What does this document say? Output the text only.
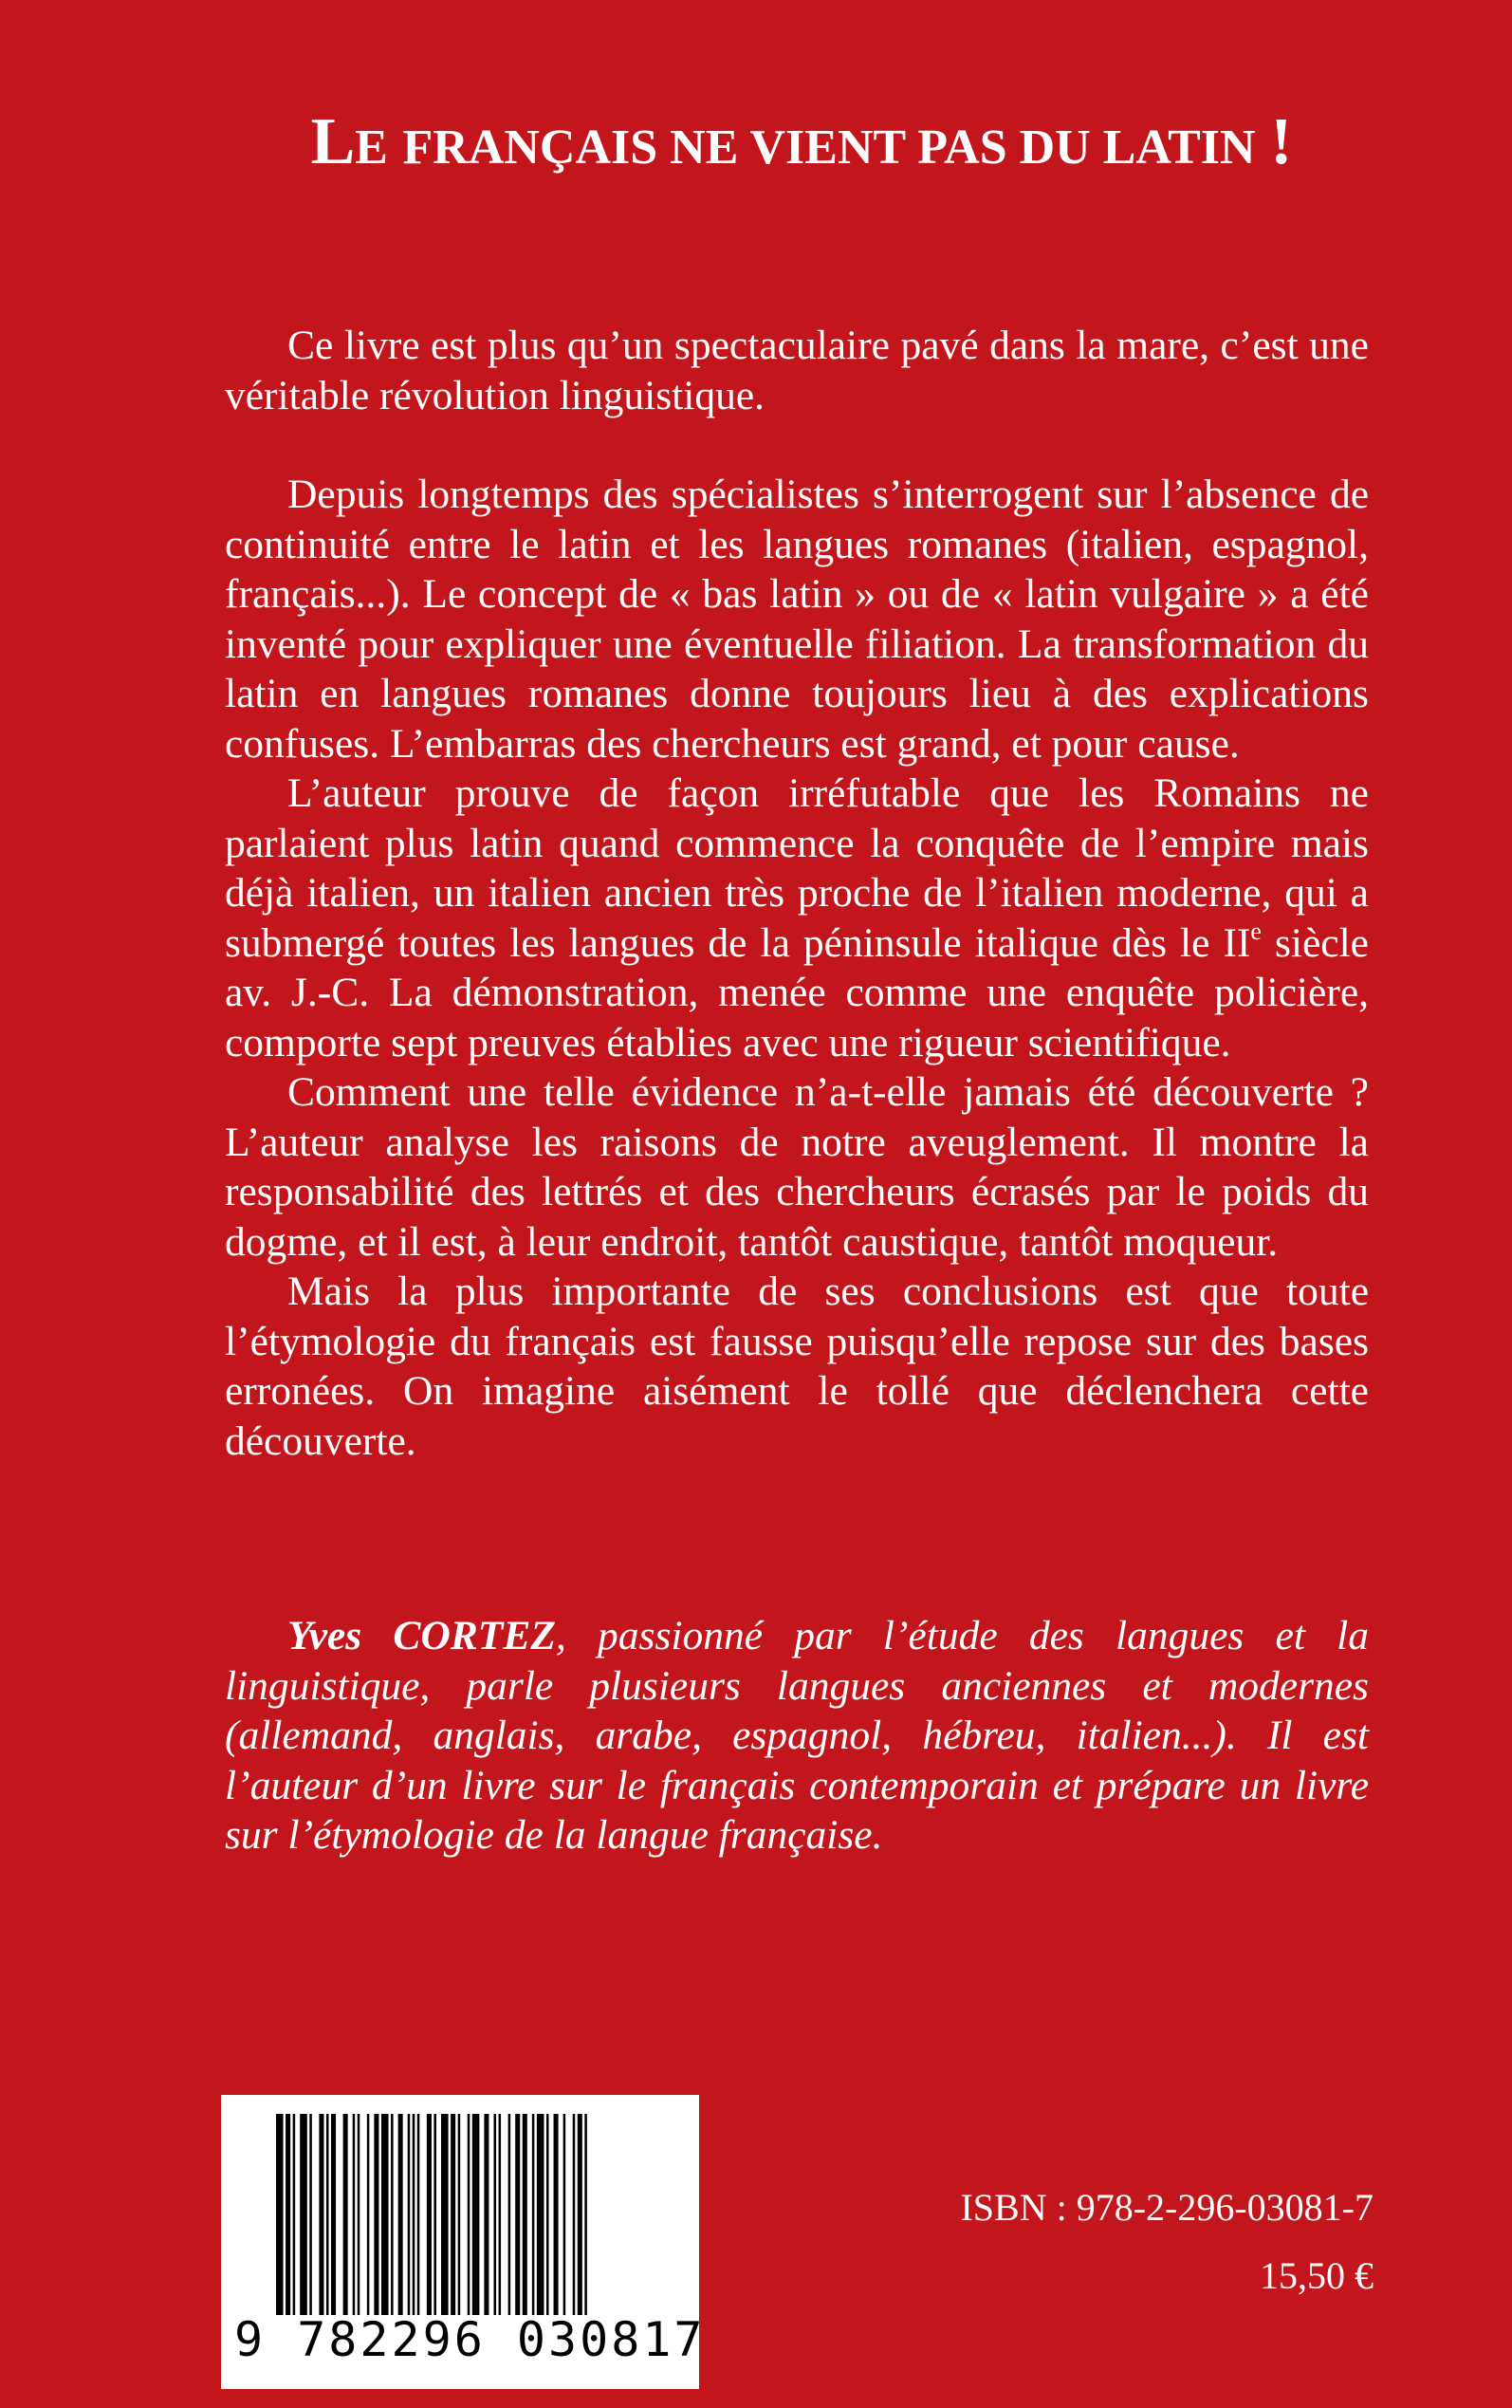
LE FRANÇAIS NE VIENT PAS DU LATIN !

Ce livre est plus qu’un spectaculaire pavé dans la mare, c’est une véritable révolution linguistique.

Depuis longtemps des spécialistes s’interrogent sur l’absence de continuité entre le latin et les langues romanes (italien, espagnol, français...). Le concept de « bas latin » ou de « latin vulgaire » a été inventé pour expliquer une éventuelle filiation. La transformation du latin en langues romanes donne toujours lieu à des explications confuses. L’embarras des chercheurs est grand, et pour cause.

L’auteur prouve de façon irréfutable que les Romains ne parlaient plus latin quand commence la conquête de l’empire mais déjà italien, un italien ancien très proche de l’italien moderne, qui a submergé toutes les langues de la péninsule italique dès le IIe siècle av. J.-C. La démonstration, menée comme une enquête policière, comporte sept preuves établies avec une rigueur scientifique.

Comment une telle évidence n’a-t-elle jamais été découverte ? L’auteur analyse les raisons de notre aveuglement. Il montre la responsabilité des lettrés et des chercheurs écrasés par le poids du dogme, et il est, à leur endroit, tantôt caustique, tantôt moqueur.

Mais la plus importante de ses conclusions est que toute l’étymologie du français est fausse puisqu’elle repose sur des bases erronées. On imagine aisément le tollé que déclenchera cette découverte.

Yves CORTEZ, passionné par l’étude des langues et la linguistique, parle plusieurs langues anciennes et modernes (allemand, anglais, arabe, espagnol, hébreu, italien...). Il est l’auteur d’un livre sur le français contemporain et prépare un livre sur l’étymologie de la langue française.

9 782296 030817
ISBN : 978-2-296-03081-7
15,50 €
